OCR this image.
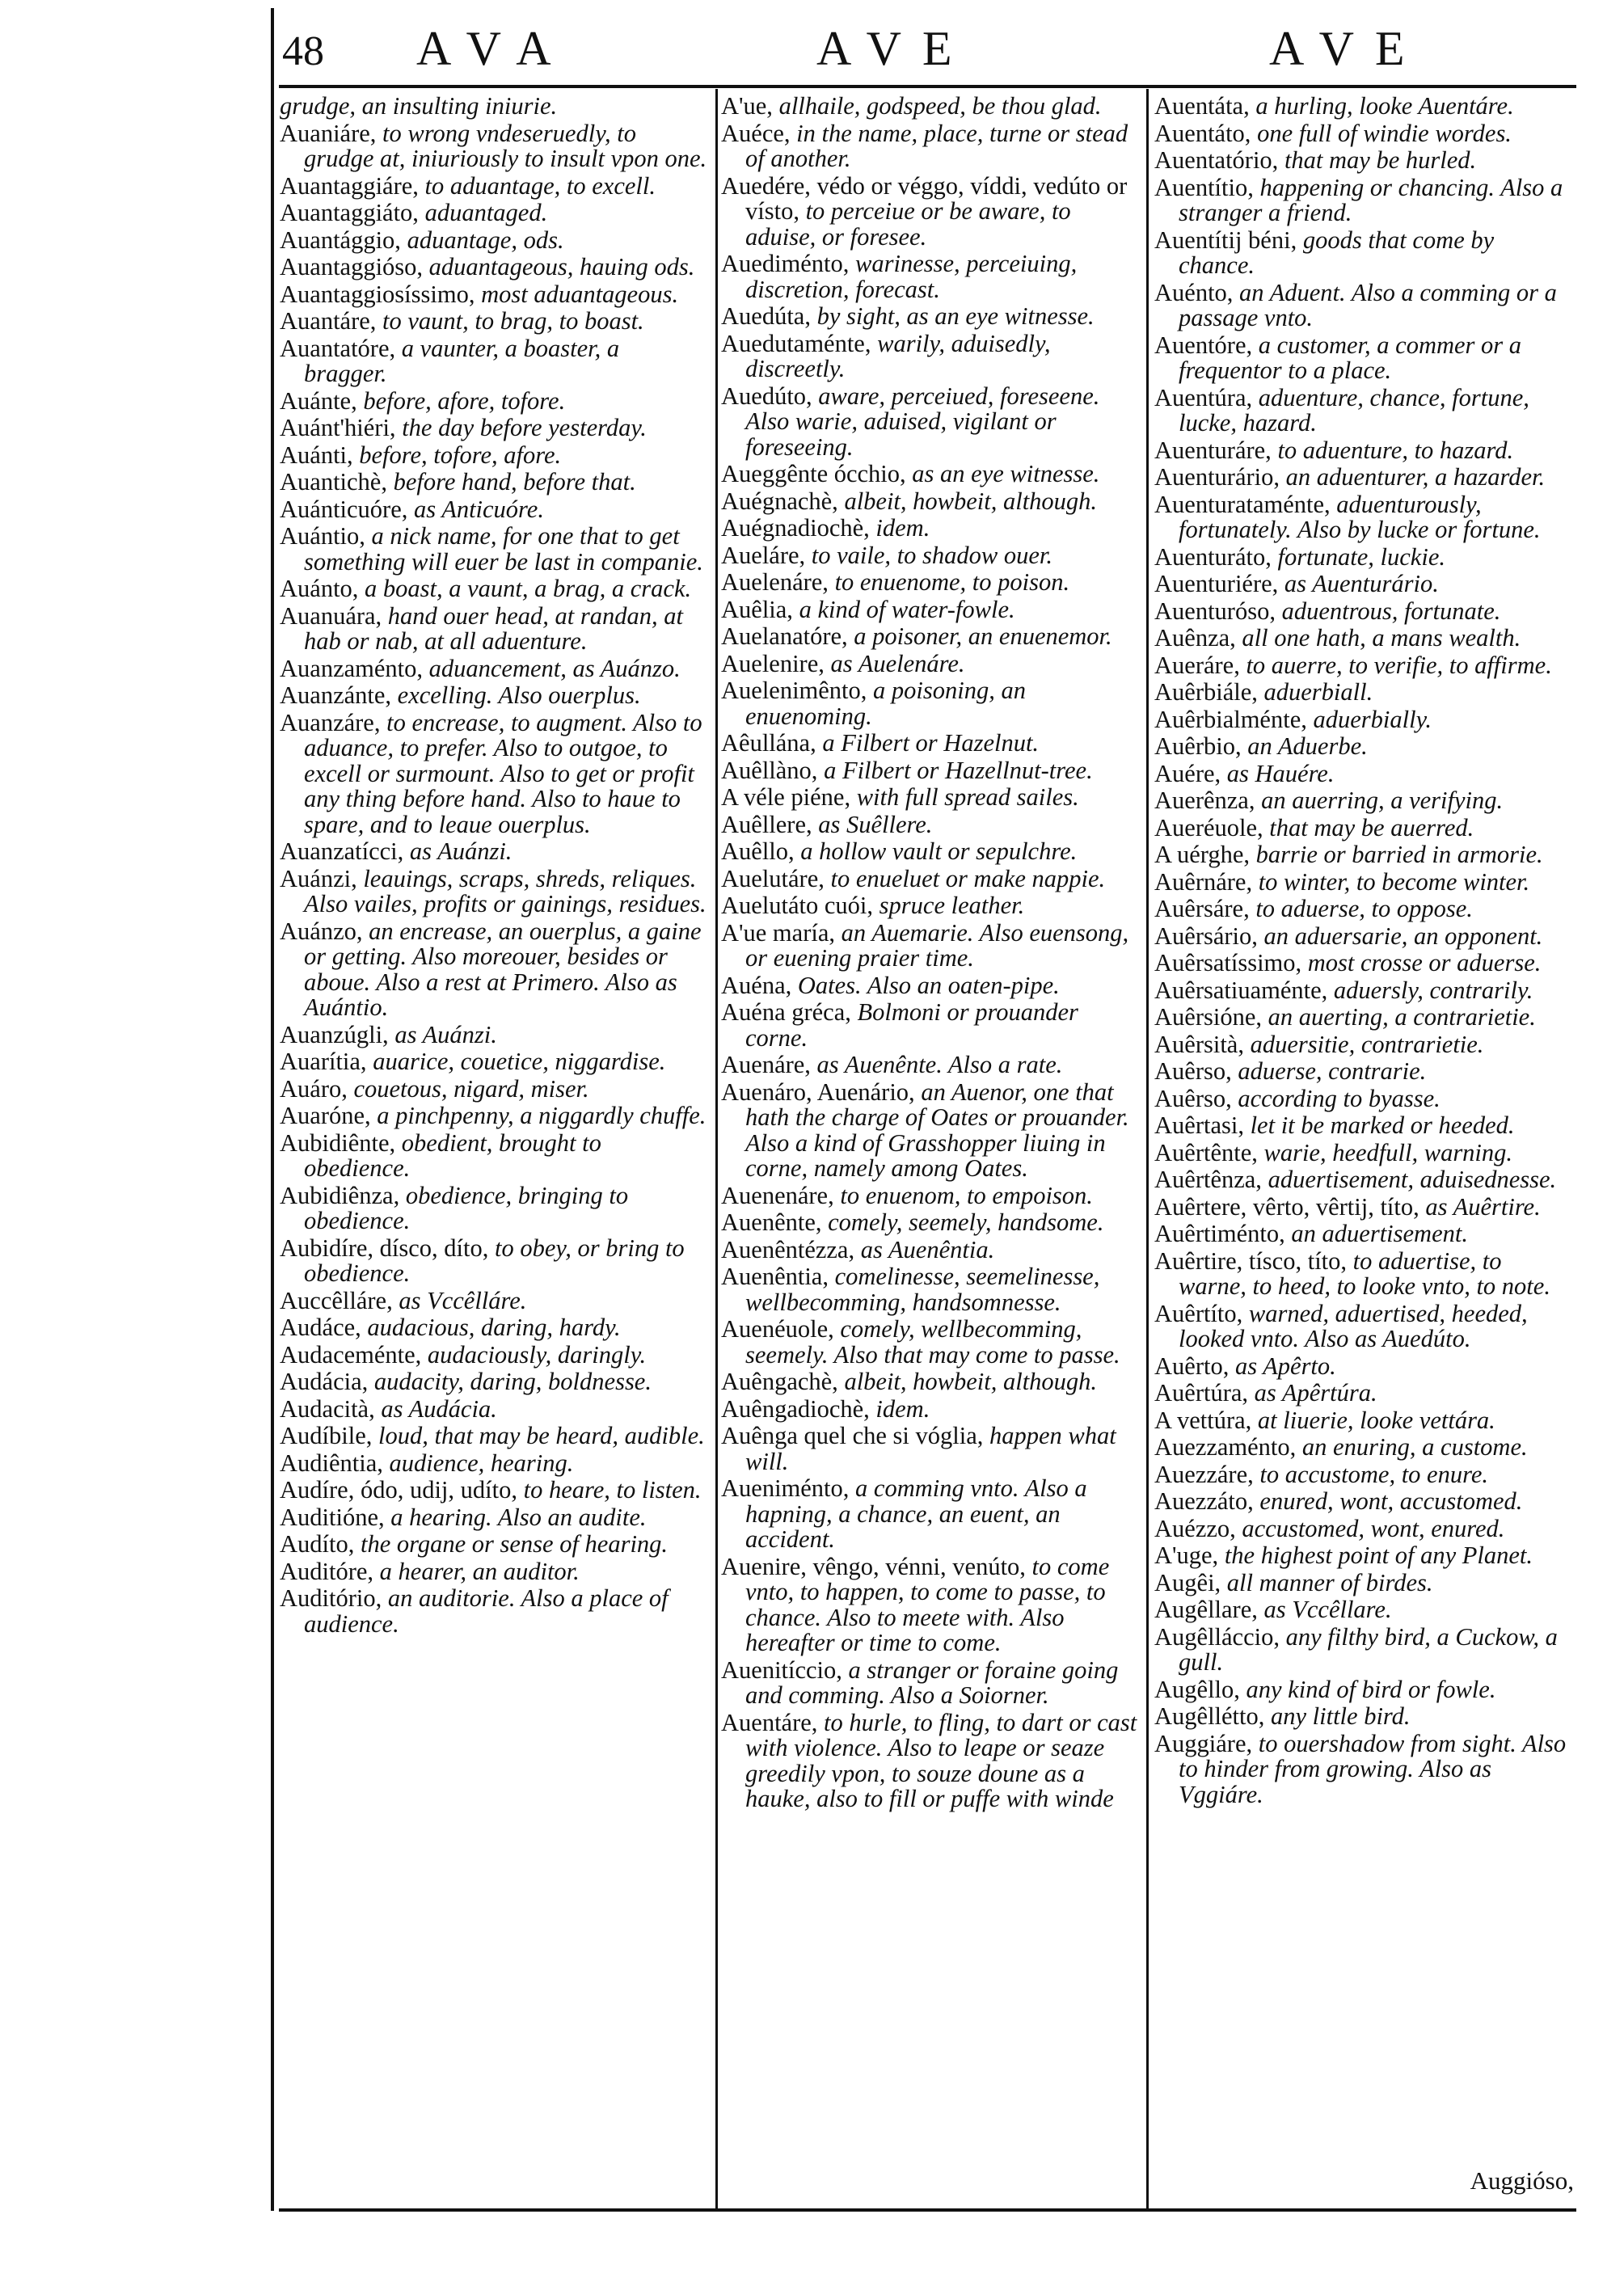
48 AVA	AVE	AVE
grudge, an insulting iniurie.
Auaniáre, to wrong vndeseruedly, to grudge at, iniuriously to insult vpon one.
Auantaggiáre, to aduantage, to excell.
Auantaggiáto, aduantaged.
Auantággio, aduantage, ods.
Auantaggióso, aduantageous, hauing ods.
Auantaggiosíssimo, most aduantageous.
Auantáre, to vaunt, to brag, to boast.
Auantatóre, a vaunter, a boaster, a bragger.
Auánte, before, afore, tofore.
Auánt'hiéri, the day before yesterday.
Auánti, before, tofore, afore.
Auantichè, before hand, before that.
Auánticuóre, as Anticuóre.
Auántio, a nick name, for one that to get something will euer be last in companie.
Auánto, a boast, a vaunt, a brag, a crack.
Auanuára, hand ouer head, at randan, at hab or nab, at all aduenture.
Auanzaménto, aduancement, as Auánzo.
Auanzánte, excelling. Also ouerplus.
Auanzáre, to encrease, to augment. Also to aduance, to prefer. Also to outgoe, to excell or surmount. Also to get or profit any thing before hand. Also to haue to spare, and to leaue ouerplus.
Auanzatícci, as Auánzi.
Auánzi, leauings, scraps, shreds, reliques. Also vailes, profits or gainings, residues.
Auánzo, an encrease, an ouerplus, a gaine or getting. Also moreouer, besides or aboue. Also a rest at Primero. Also as Auántio.
Auanzúgli, as Auánzi.
Auarítia, auarice, couetice, niggardise.
Auáro, couetous, nigard, miser.
Auaróne, a pinchpenny, a niggardly chuffe.
Aubidiênte, obedient, brought to obedience.
Aubidiênza, obedience, bringing to obedience.
Aubidíre, dísco, díto, to obey, or bring to obedience.
Auccêlláre, as Vccêlláre.
Audáce, audacious, daring, hardy.
Audaceménte, audaciously, daringly.
Audácia, audacity, daring, boldnesse.
Audacità, as Audácia.
Audíbile, loud, that may be heard, audible.
Audiêntia, audience, hearing.
Audíre, ódo, udij, udíto, to heare, to listen.
Auditióne, a hearing. Also an audite.
Audíto, the organe or sense of hearing.
Auditóre, a hearer, an auditor.
Auditório, an auditorie. Also a place of audience.
A'ue, allhaile, godspeed, be thou glad.
Auéce, in the name, place, turne or stead of another.
Auedére, védo or véggo, víddi, vedúto or vísto, to perceiue or be aware, to aduise, or foresee.
Auediménto, warinesse, perceiuing, discretion, forecast.
Auedúta, by sight, as an eye witnesse.
Auedutaménte, warily, aduisedly, discreetly.
Auedúto, aware, perceiued, foreseene. Also warie, aduised, vigilant or foreseeing.
Aueggênte ócchio, as an eye witnesse.
Auégnachè, albeit, howbeit, although.
Auégnadiochè, idem.
Aueláre, to vaile, to shadow ouer.
Auelenáre, to enuenome, to poison.
Auêlia, a kind of water-fowle.
Auelanatóre, a poisoner, an enuenemor.
Auelenire, as Auelenáre.
Auelenimênto, a poisoning, an enuenoming.
Aêullána, a Filbert or Hazelnut.
Auêllàno, a Filbert or Hazellnut-tree.
A véle piéne, with full spread sailes.
Auêllere, as Suêllere.
Auêllo, a hollow vault or sepulchre.
Auelutáre, to enueluet or make nappie.
Auelutáto cuói, spruce leather.
A'ue maría, an Auemarie. Also euensong, or euening praier time.
Auéna, Oates. Also an oaten-pipe.
Auéna gréca, Bolmoni or prouander corne.
Auenáre, as Auenênte. Also a rate.
Auenáro, Auenário, an Auenor, one that hath the charge of Oates or prouander. Also a kind of Grasshopper liuing in corne, namely among Oates.
Auenenáre, to enuenom, to empoison.
Auenênte, comely, seemely, handsome.
Auenêntézza, as Auenêntia.
Auenêntia, comelinesse, seemelinesse, wellbecomming, handsomnesse.
Auenéuole, comely, wellbecomming, seemely. Also that may come to passe.
Auêngachè, albeit, howbeit, although.
Auêngadiochè, idem.
Auênga quel che si vóglia, happen what will.
Aueniménto, a comming vnto. Also a hapning, a chance, an euent, an accident.
Auenire, vêngo, vénni, venúto, to come vnto, to happen, to come to passe, to chance. Also to meete with. Also hereafter or time to come.
Auenitíccio, a stranger or foraine going and comming. Also a Soiorner.
Auentáre, to hurle, to fling, to dart or cast with violence. Also to leape or seaze greedily vpon, to souze doune as a hauke, also to fill or puffe with winde
Auentáta, a hurling, looke Auentáre.
Auentáto, one full of windie wordes.
Auentatório, that may be hurled.
Auentítio, happening or chancing. Also a stranger a friend.
Auentítij béni, goods that come by chance.
Auénto, an Aduent. Also a comming or a passage vnto.
Auentóre, a customer, a commer or a frequentor to a place.
Auentúra, aduenture, chance, fortune, lucke, hazard.
Auenturáre, to aduenture, to hazard.
Auenturário, an aduenturer, a hazarder.
Auenturataménte, aduenturously, fortunately. Also by lucke or fortune.
Auenturáto, fortunate, luckie.
Auenturiére, as Auenturário.
Auenturóso, aduentrous, fortunate.
Auênza, all one hath, a mans wealth.
Aueráre, to auerre, to verifie, to affirme.
Auêrbiále, aduerbiall.
Auêrbialménte, aduerbially.
Auêrbio, an Aduerbe.
Auére, as Hauére.
Auerênza, an auerring, a verifying.
Aueréuole, that may be auerred.
A uérghe, barrie or barried in armorie.
Auêrnáre, to winter, to become winter.
Auêrsáre, to aduerse, to oppose.
Auêrsário, an aduersarie, an opponent.
Auêrsatíssimo, most crosse or aduerse.
Auêrsatiuaménte, aduersly, contrarily.
Auêrsióne, an auerting, a contrarietie.
Auêrsità, aduersitie, contrarietie.
Auêrso, aduerse, contrarie.
Auêrso, according to byasse.
Auêrtasi, let it be marked or heeded.
Auêrtênte, warie, heedfull, warning.
Auêrtênza, aduertisement, aduisednesse.
Auêrtere, vêrto, vêrtij, títo, as Auêrtire.
Auêrtiménto, an aduertisement.
Auêrtire, tísco, títo, to aduertise, to warne, to heed, to looke vnto, to note.
Auêrtíto, warned, aduertised, heeded, looked vnto. Also as Auedúto.
Auêrto, as Apêrto.
Auêrtúra, as Apêrtúra.
A vettúra, at liuerie, looke vettára.
Auezzaménto, an enuring, a custome.
Auezzáre, to accustome, to enure.
Auezzáto, enured, wont, accustomed.
Auézzo, accustomed, wont, enured.
A'uge, the highest point of any Planet.
Augêi, all manner of birdes.
Augêllare, as Vccêllare.
Augêlláccio, any filthy bird, a Cuckow, a gull.
Augêllo, any kind of bird or fowle.
Augêllétto, any little bird.
Auggiáre, to ouershadow from sight. Also to hinder from growing. Also as Vggiáre.
Auggióso,
